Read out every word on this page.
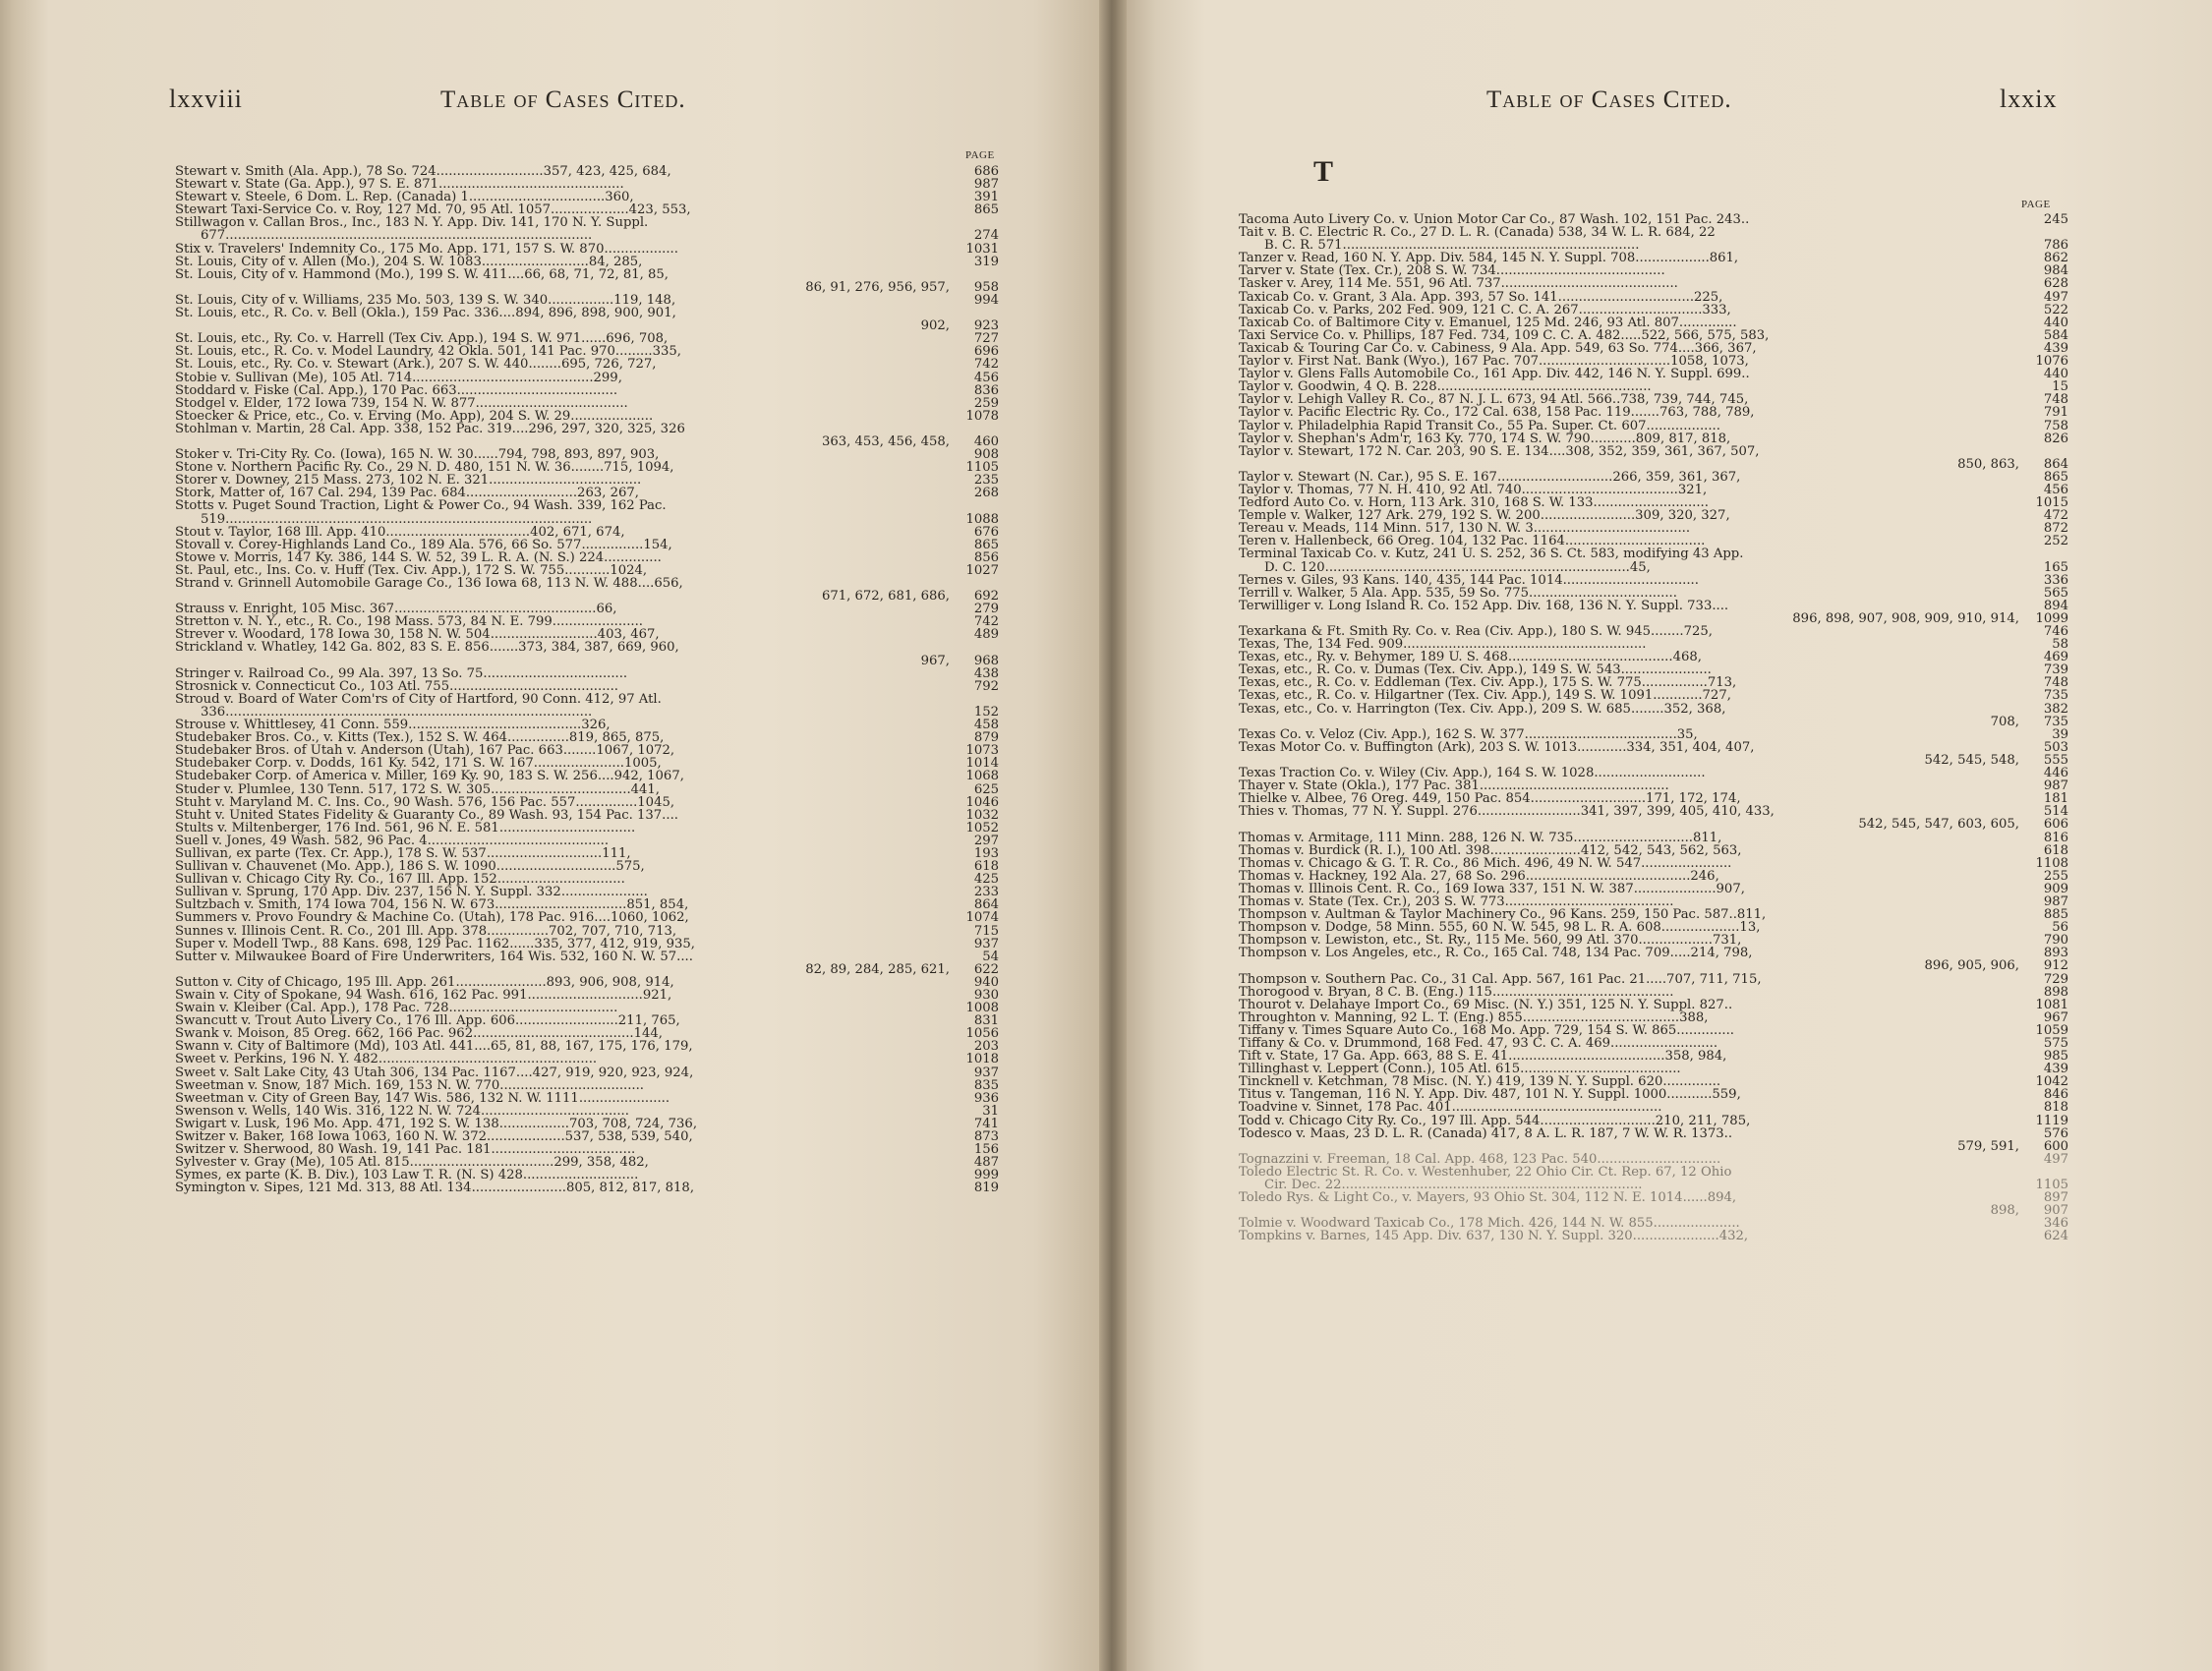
lxxviii	Table of Cases Cited.
PAGE
Table of Cases Cited.	lxxix
T
PAGE
Stewart v. Smith (Ala. App.), 78 So. 724..........................357, 423, 425, 684,	686
Stewart v. State (Ga. App.), 97 S. E. 871.............................................	987
Stewart v. Steele, 6 Dom. L. Rep. (Canada) 1.................................360,	391
Stewart Taxi-Service Co. v. Roy, 127 Md. 70, 95 Atl. 1057...................423, 553,	865
Stillwagon v. Callan Bros., Inc., 183 N. Y. App. Div. 141, 170 N. Y. Suppl.
677.........................................................................................	274
Stix v. Travelers' Indemnity Co., 175 Mo. App. 171, 157 S. W. 870..................	1031
St. Louis, City of v. Allen (Mo.), 204 S. W. 1083..........................84, 285,	319
St. Louis, City of v. Hammond (Mo.), 199 S. W. 411....66, 68, 71, 72, 81, 85,
86, 91, 276, 956, 957,	958
St. Louis, City of v. Williams, 235 Mo. 503, 139 S. W. 340................119, 148,	994
St. Louis, etc., R. Co. v. Bell (Okla.), 159 Pac. 336....894, 896, 898, 900, 901,
902,	923
St. Louis, etc., Ry. Co. v. Harrell (Tex Civ. App.), 194 S. W. 971......696, 708,	727
St. Louis, etc., R. Co. v. Model Laundry, 42 Okla. 501, 141 Pac. 970.........335,	696
St. Louis, etc., Ry. Co. v. Stewart (Ark.), 207 S. W. 440........695, 726, 727,	742
Stobie v. Sullivan (Me), 105 Atl. 714............................................299,	456
Stoddard v. Fiske (Cal. App.), 170 Pac. 663.......................................	836
Stodgel v. Elder, 172 Iowa 739, 154 N. W. 877.....................................	259
Stoecker & Price, etc., Co. v. Erving (Mo. App), 204 S. W. 29....................	1078
Stohlman v. Martin, 28 Cal. App. 338, 152 Pac. 319....296, 297, 320, 325, 326
363, 453, 456, 458,	460
Stoker v. Tri-City Ry. Co. (Iowa), 165 N. W. 30......794, 798, 893, 897, 903,	908
Stone v. Northern Pacific Ry. Co., 29 N. D. 480, 151 N. W. 36........715, 1094,	1105
Storer v. Downey, 215 Mass. 273, 102 N. E. 321.....................................	235
Stork, Matter of, 167 Cal. 294, 139 Pac. 684...........................263, 267,	268
Stotts v. Puget Sound Traction, Light & Power Co., 94 Wash. 339, 162 Pac.
519.........................................................................................	1088
Stout v. Taylor, 168 Ill. App. 410...................................402, 671, 674,	676
Stovall v. Corey-Highlands Land Co., 189 Ala. 576, 66 So. 577...............154,	865
Stowe v. Morris, 147 Ky. 386, 144 S. W. 52, 39 L. R. A. (N. S.) 224..............	856
St. Paul, etc., Ins. Co. v. Huff (Tex. Civ. App.), 172 S. W. 755...........1024,	1027
Strand v. Grinnell Automobile Garage Co., 136 Iowa 68, 113 N. W. 488....656,
671, 672, 681, 686,	692
Strauss v. Enright, 105 Misc. 367.................................................66,	279
Stretton v. N. Y., etc., R. Co., 198 Mass. 573, 84 N. E. 799......................	742
Strever v. Woodard, 178 Iowa 30, 158 N. W. 504..........................403, 467,	489
Strickland v. Whatley, 142 Ga. 802, 83 S. E. 856.......373, 384, 387, 669, 960,
967,	968
Stringer v. Railroad Co., 99 Ala. 397, 13 So. 75...................................	438
Strosnick v. Connecticut Co., 103 Atl. 755.........................................	792
Stroud v. Board of Water Com'rs of City of Hartford, 90 Conn. 412, 97 Atl.
336.........................................................................................	152
Strouse v. Whittlesey, 41 Conn. 559..........................................326,	458
Studebaker Bros. Co., v. Kitts (Tex.), 152 S. W. 464...............819, 865, 875,	879
Studebaker Bros. of Utah v. Anderson (Utah), 167 Pac. 663........1067, 1072,	1073
Studebaker Corp. v. Dodds, 161 Ky. 542, 171 S. W. 167......................1005,	1014
Studebaker Corp. of America v. Miller, 169 Ky. 90, 183 S. W. 256....942, 1067,	1068
Studer v. Plumlee, 130 Tenn. 517, 172 S. W. 305..................................441,	625
Stuht v. Maryland M. C. Ins. Co., 90 Wash. 576, 156 Pac. 557...............1045,	1046
Stuht v. United States Fidelity & Guaranty Co., 89 Wash. 93, 154 Pac. 137....	1032
Stults v. Miltenberger, 176 Ind. 561, 96 N. E. 581.................................	1052
Suell v. Jones, 49 Wash. 582, 96 Pac. 4............................................	297
Sullivan, ex parte (Tex. Cr. App.), 178 S. W. 537............................111,	193
Sullivan v. Chauvenet (Mo. App.), 186 S. W. 1090.............................575,	618
Sullivan v. Chicago City Ry. Co., 167 Ill. App. 152...............................	425
Sullivan v. Sprung, 170 App. Div. 237, 156 N. Y. Suppl. 332.....................	233
Sultzbach v. Smith, 174 Iowa 704, 156 N. W. 673................................851, 854,	864
Summers v. Provo Foundry & Machine Co. (Utah), 178 Pac. 916....1060, 1062,	1074
Sunnes v. Illinois Cent. R. Co., 201 Ill. App. 378...............702, 707, 710, 713,	715
Super v. Modell Twp., 88 Kans. 698, 129 Pac. 1162......335, 377, 412, 919, 935,	937
Sutter v. Milwaukee Board of Fire Underwriters, 164 Wis. 532, 160 N. W. 57....	54
82, 89, 284, 285, 621,	622
Sutton v. City of Chicago, 195 Ill. App. 261......................893, 906, 908, 914,	940
Swain v. City of Spokane, 94 Wash. 616, 162 Pac. 991............................921,	930
Swain v. Kleiber (Cal. App.), 178 Pac. 728.........................................	1008
Swancutt v. Trout Auto Livery Co., 176 Ill. App. 606.........................211, 765,	831
Swank v. Moison, 85 Oreg. 662, 166 Pac. 962.......................................144,	1056
Swann v. City of Baltimore (Md), 103 Atl. 441....65, 81, 88, 167, 175, 176, 179,	203
Sweet v. Perkins, 196 N. Y. 482.....................................................	1018
Sweet v. Salt Lake City, 43 Utah 306, 134 Pac. 1167....427, 919, 920, 923, 924,	937
Sweetman v. Snow, 187 Mich. 169, 153 N. W. 770...................................	835
Sweetman v. City of Green Bay, 147 Wis. 586, 132 N. W. 1111......................	936
Swenson v. Wells, 140 Wis. 316, 122 N. W. 724....................................	31
Swigart v. Lusk, 196 Mo. App. 471, 192 S. W. 138.................703, 708, 724, 736,	741
Switzer v. Baker, 168 Iowa 1063, 160 N. W. 372...................537, 538, 539, 540,	873
Switzer v. Sherwood, 80 Wash. 19, 141 Pac. 181...................................	156
Sylvester v. Gray (Me), 105 Atl. 815...................................299, 358, 482,	487
Symes, ex parte (K. B. Div.), 103 Law T. R. (N. S) 428............................	999
Symington v. Sipes, 121 Md. 313, 88 Atl. 134.......................805, 812, 817, 818,	819
Tacoma Auto Livery Co. v. Union Motor Car Co., 87 Wash. 102, 151 Pac. 243..	245
Tait v. B. C. Electric R. Co., 27 D. L. R. (Canada) 538, 34 W. L. R. 684, 22
B. C. R. 571........................................................................	786
Tanzer v. Read, 160 N. Y. App. Div. 584, 145 N. Y. Suppl. 708..................861,	862
Tarver v. State (Tex. Cr.), 208 S. W. 734.........................................	984
Tasker v. Arey, 114 Me. 551, 96 Atl. 737...........................................	628
Taxicab Co. v. Grant, 3 Ala. App. 393, 57 So. 141.................................225,	497
Taxicab Co. v. Parks, 202 Fed. 909, 121 C. C. A. 267..............................333,	522
Taxicab Co. of Baltimore City v. Emanuel, 125 Md. 246, 93 Atl. 807..............	440
Taxi Service Co. v. Phillips, 187 Fed. 734, 109 C. C. A. 482.....522, 566, 575, 583,	584
Taxicab & Touring Car Co. v. Cabiness, 9 Ala. App. 549, 63 So. 774....366, 367,	439
Taylor v. First Nat. Bank (Wyo.), 167 Pac. 707................................1058, 1073,	1076
Taylor v. Glens Falls Automobile Co., 161 App. Div. 442, 146 N. Y. Suppl. 699..	440
Taylor v. Goodwin, 4 Q. B. 228....................................................	15
Taylor v. Lehigh Valley R. Co., 87 N. J. L. 673, 94 Atl. 566..738, 739, 744, 745,	748
Taylor v. Pacific Electric Ry. Co., 172 Cal. 638, 158 Pac. 119.......763, 788, 789,	791
Taylor v. Philadelphia Rapid Transit Co., 55 Pa. Super. Ct. 607..................	758
Taylor v. Shephan's Adm'r, 163 Ky. 770, 174 S. W. 790...........809, 817, 818,	826
Taylor v. Stewart, 172 N. Car. 203, 90 S. E. 134....308, 352, 359, 361, 367, 507,
850, 863,	864
Taylor v. Stewart (N. Car.), 95 S. E. 167............................266, 359, 361, 367,	865
Taylor v. Thomas, 77 N. H. 410, 92 Atl. 740......................................321,	456
Tedford Auto Co. v. Horn, 113 Ark. 310, 168 S. W. 133............................	1015
Temple v. Walker, 127 Ark. 279, 192 S. W. 200.......................309, 320, 327,	472
Tereau v. Meads, 114 Minn. 517, 130 N. W. 3......................................	872
Teren v. Hallenbeck, 66 Oreg. 104, 132 Pac. 1164..................................	252
Terminal Taxicab Co. v. Kutz, 241 U. S. 252, 36 S. Ct. 583, modifying 43 App.
D. C. 120..........................................................................45,	165
Ternes v. Giles, 93 Kans. 140, 435, 144 Pac. 1014.................................	336
Terrill v. Walker, 5 Ala. App. 535, 59 So. 775....................................	565
Terwilliger v. Long Island R. Co. 152 App. Div. 168, 136 N. Y. Suppl. 733....	894
896, 898, 907, 908, 909, 910, 914,	1099
Texarkana & Ft. Smith Ry. Co. v. Rea (Civ. App.), 180 S. W. 945........725,	746
Texas, The, 134 Fed. 909...........................................................	58
Texas, etc., Ry. v. Behymer, 189 U. S. 468........................................468,	469
Texas, etc., R. Co. v. Dumas (Tex. Civ. App.), 149 S. W. 543......................	739
Texas, etc., R. Co. v. Eddleman (Tex. Civ. App.), 175 S. W. 775................713,	748
Texas, etc., R. Co. v. Hilgartner (Tex. Civ. App.), 149 S. W. 1091............727,	735
Texas, etc., Co. v. Harrington (Tex. Civ. App.), 209 S. W. 685........352, 368,	382
708,	735
Texas Co. v. Veloz (Civ. App.), 162 S. W. 377.....................................35,	39
Texas Motor Co. v. Buffington (Ark), 203 S. W. 1013............334, 351, 404, 407,	503
542, 545, 548,	555
Texas Traction Co. v. Wiley (Civ. App.), 164 S. W. 1028...........................	446
Thayer v. State (Okla.), 177 Pac. 381..............................................	987
Thielke v. Albee, 76 Oreg. 449, 150 Pac. 854............................171, 172, 174,	181
Thies v. Thomas, 77 N. Y. Suppl. 276.........................341, 397, 399, 405, 410, 433,	514
542, 545, 547, 603, 605,	606
Thomas v. Armitage, 111 Minn. 288, 126 N. W. 735.............................811,	816
Thomas v. Burdick (R. I.), 100 Atl. 398......................412, 542, 543, 562, 563,	618
Thomas v. Chicago & G. T. R. Co., 86 Mich. 496, 49 N. W. 547......................	1108
Thomas v. Hackney, 192 Ala. 27, 68 So. 296........................................246,	255
Thomas v. Illinois Cent. R. Co., 169 Iowa 337, 151 N. W. 387....................907,	909
Thomas v. State (Tex. Cr.), 203 S. W. 773.........................................	987
Thompson v. Aultman & Taylor Machinery Co., 96 Kans. 259, 150 Pac. 587..811,	885
Thompson v. Dodge, 58 Minn. 555, 60 N. W. 545, 98 L. R. A. 608...................13,	56
Thompson v. Lewiston, etc., St. Ry., 115 Me. 560, 99 Atl. 370..................731,	790
Thompson v. Los Angeles, etc., R. Co., 165 Cal. 748, 134 Pac. 709.....214, 798,	893
896, 905, 906,	912
Thompson v. Southern Pac. Co., 31 Cal. App. 567, 161 Pac. 21.....707, 711, 715,	729
Thorogood v. Bryan, 8 C. B. (Eng.) 115............................................	898
Thourot v. Delahaye Import Co., 69 Misc. (N. Y.) 351, 125 N. Y. Suppl. 827..	1081
Throughton v. Manning, 92 L. T. (Eng.) 855......................................388,	967
Tiffany v. Times Square Auto Co., 168 Mo. App. 729, 154 S. W. 865..............	1059
Tiffany & Co. v. Drummond, 168 Fed. 47, 93 C. C. A. 469..........................	575
Tift v. State, 17 Ga. App. 663, 88 S. E. 41......................................358, 984,	985
Tillinghast v. Leppert (Conn.), 105 Atl. 615.......................................	439
Tincknell v. Ketchman, 78 Misc. (N. Y.) 419, 139 N. Y. Suppl. 620..............	1042
Titus v. Tangeman, 116 N. Y. App. Div. 487, 101 N. Y. Suppl. 1000...........559,	846
Toadvine v. Sinnet, 178 Pac. 401...................................................	818
Todd v. Chicago City Ry. Co., 197 Ill. App. 544............................210, 211, 785,	1119
Todesco v. Maas, 23 D. L. R. (Canada) 417, 8 A. L. R. 187, 7 W. W. R. 1373..	576
579, 591,	600
Tognazzini v. Freeman, 18 Cal. App. 468, 123 Pac. 540..............................	497
Toledo Electric St. R. Co. v. Westenhuber, 22 Ohio Cir. Ct. Rep. 67, 12 Ohio
Cir. Dec. 22.........................................................................	1105
Toledo Rys. & Light Co., v. Mayers, 93 Ohio St. 304, 112 N. E. 1014......894,	897
898,	907
Tolmie v. Woodward Taxicab Co., 178 Mich. 426, 144 N. W. 855.....................	346
Tompkins v. Barnes, 145 App. Div. 637, 130 N. Y. Suppl. 320.....................432,	624
